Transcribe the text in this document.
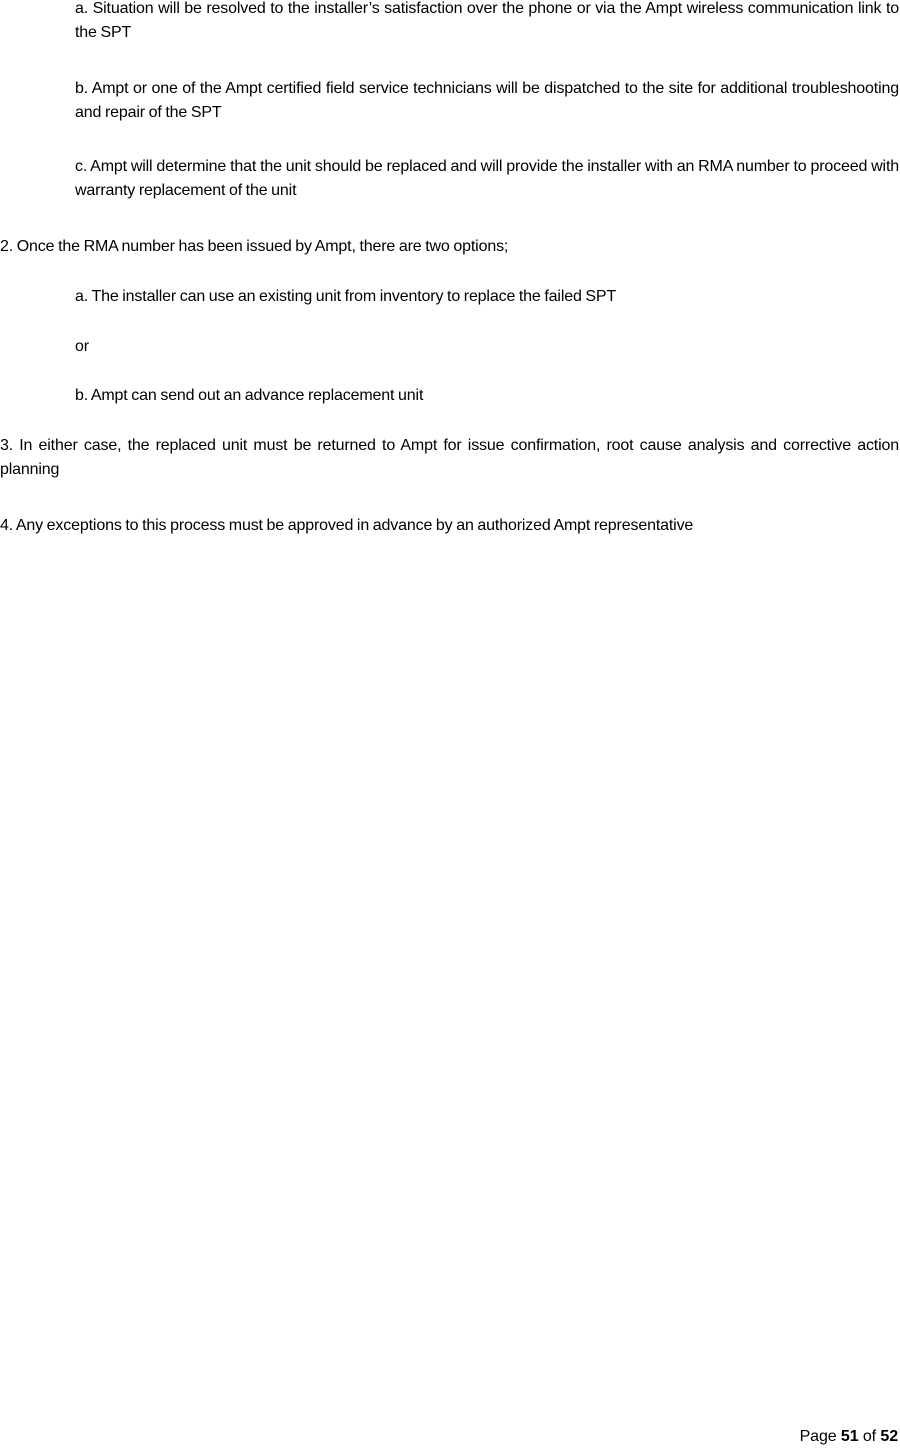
a. Situation will be resolved to the installer’s satisfaction over the phone or via the Ampt wireless communication link to the SPT

b. Ampt or one of the Ampt certified field service technicians will be dispatched to the site for additional troubleshooting and repair of the SPT

c. Ampt will determine that the unit should be replaced and will provide the installer with an RMA number to proceed with warranty replacement of the unit

2. Once the RMA number has been issued by Ampt, there are two options;

a. The installer can use an existing unit from inventory to replace the failed SPT

or

b. Ampt can send out an advance replacement unit

3. In either case, the replaced unit must be returned to Ampt for issue confirmation, root cause analysis and corrective action planning

4. Any exceptions to this process must be approved in advance by an authorized Ampt representative

Page 51 of 52
